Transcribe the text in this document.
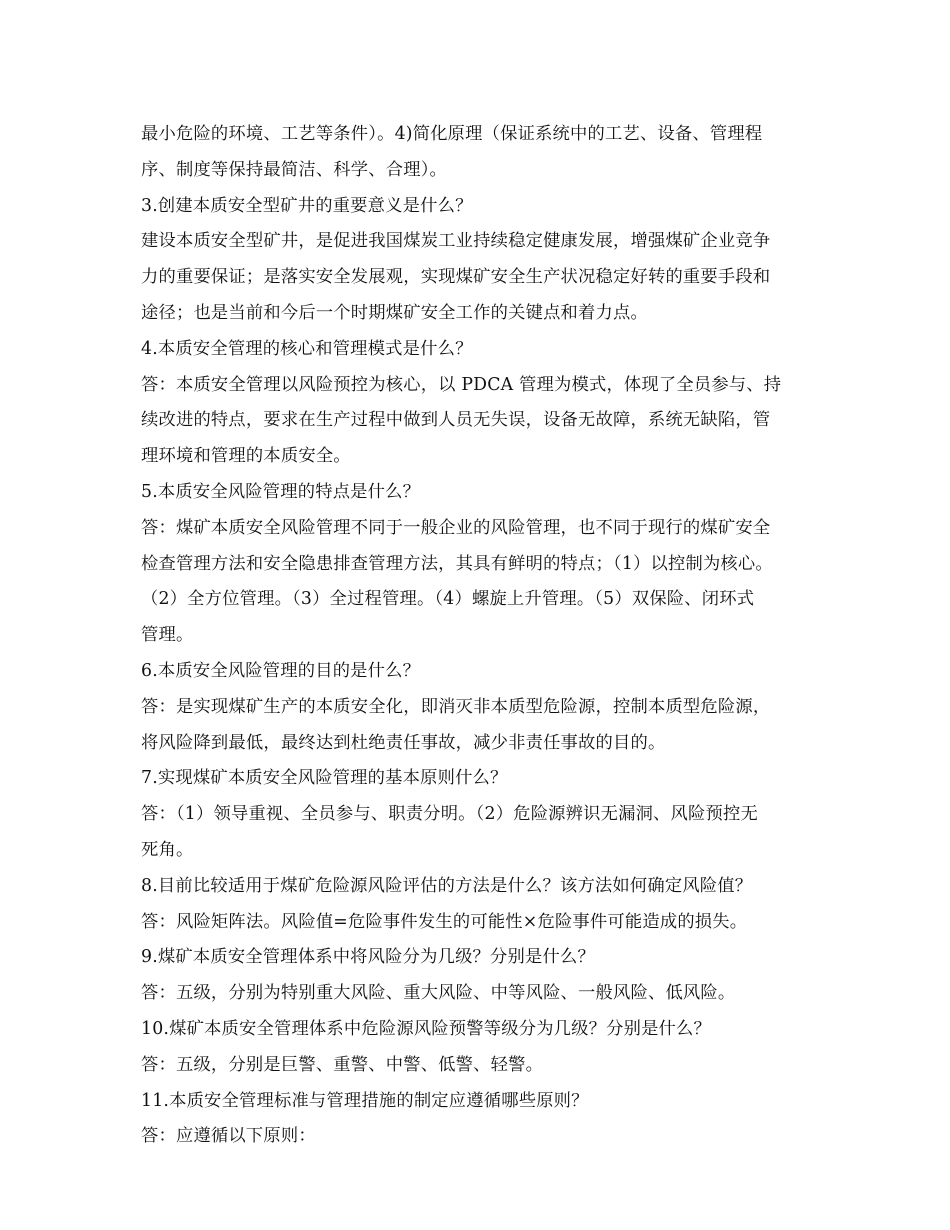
最小危险的环境、工艺等条件）。4)简化原理（保证系统中的工艺、设备、管理程
序、制度等保持最简洁、科学、合理）。
3.创建本质安全型矿井的重要意义是什么？
建设本质安全型矿井，是促进我国煤炭工业持续稳定健康发展，增强煤矿企业竞争
力的重要保证；是落实安全发展观，实现煤矿安全生产状况稳定好转的重要手段和
途径；也是当前和今后一个时期煤矿安全工作的关键点和着力点。
4.本质安全管理的核心和管理模式是什么？
答：本质安全管理以风险预控为核心，以 PDCA 管理为模式，体现了全员参与、持
续改进的特点，要求在生产过程中做到人员无失误，设备无故障，系统无缺陷，管
理环境和管理的本质安全。
5.本质安全风险管理的特点是什么？
答：煤矿本质安全风险管理不同于一般企业的风险管理，也不同于现行的煤矿安全
检查管理方法和安全隐患排查管理方法，其具有鲜明的特点；（1）以控制为核心。
（2）全方位管理。（3）全过程管理。（4）螺旋上升管理。（5）双保险、闭环式
管理。
6.本质安全风险管理的目的是什么？
答：是实现煤矿生产的本质安全化，即消灭非本质型危险源，控制本质型危险源，
将风险降到最低，最终达到杜绝责任事故，减少非责任事故的目的。
7.实现煤矿本质安全风险管理的基本原则什么？
答：（1）领导重视、全员参与、职责分明。（2）危险源辨识无漏洞、风险预控无
死角。
8.目前比较适用于煤矿危险源风险评估的方法是什么？该方法如何确定风险值？
答：风险矩阵法。风险值=危险事件发生的可能性×危险事件可能造成的损失。
9.煤矿本质安全管理体系中将风险分为几级？分别是什么？
答：五级，分别为特别重大风险、重大风险、中等风险、一般风险、低风险。
10.煤矿本质安全管理体系中危险源风险预警等级分为几级？分别是什么？
答：五级，分别是巨警、重警、中警、低警、轻警。
11.本质安全管理标准与管理措施的制定应遵循哪些原则？
答：应遵循以下原则：
